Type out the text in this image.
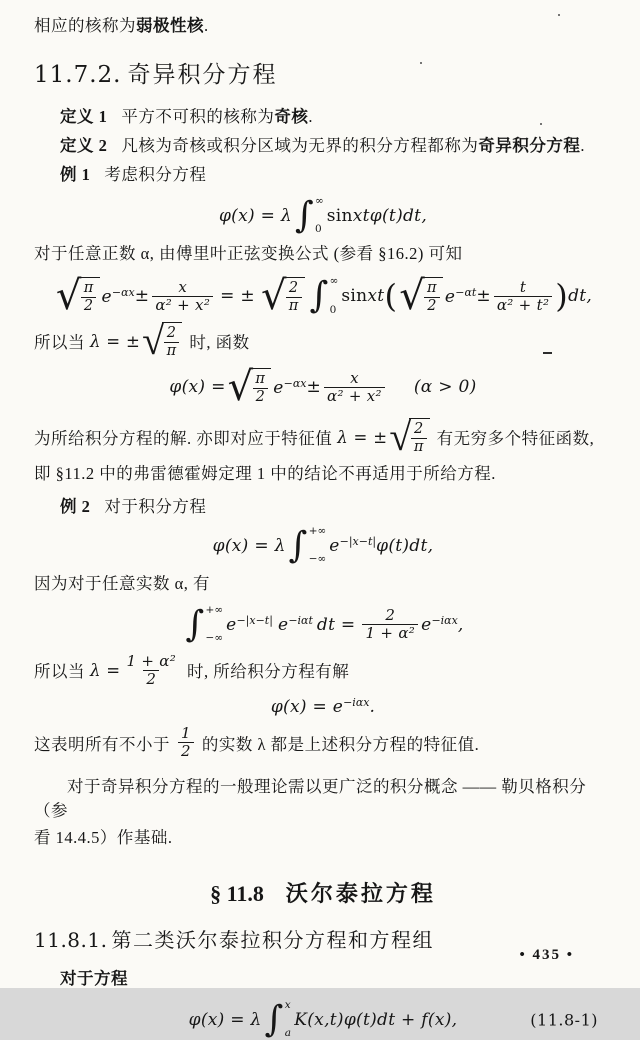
相应的核称为弱极性核.

11.7.2. 奇异积分方程

定义 1 平方不可积的核称为奇核.

定义 2 凡核为奇核或积分区域为无界的积分方程都称为奇异积分方程.

例 1 考虑积分方程

φ(x) = λ ∫ ∞
0
sin xtφ(t)dt,

对于任意正数 α, 由傅里叶正弦变换公式 (参看 §16.2) 可知

√ $\frac{\pi}{2} e^{-\alpha x} \pm \frac{x}{\text{α² + x²}}$ = ± √ $\frac{2}{\pi}$ ∫ ∞
0
sin xt ( √ $\frac{\pi}{2} e^{-\alpha t} \pm \frac{t}{\text{α² + t²}}$ ) dt,
所以当 λ = ± √ $\frac{2}{\pi}$ 时, 函数
φ(x) = √ $\frac{\pi}{2} e^{-\alpha x} \pm \frac{x}{\text{α² + x²}} (\alpha > 0)$
为所给积分方程的解. 亦即对应于特征值 λ = ± √ $\frac{2}{\pi}$ 有无穷多个特征函数,

即 §11.2 中的弗雷德霍姆定理 1 中的结论不再适用于所给方程.

例 2 对于积分方程

φ(x) = λ ∫ +∞
−∞
$e^{-|x-t|}$ φ(t)dt,

因为对于任意实数 α, 有

∫ +∞
−∞
$e^{-|x-t|}$ $e^{-i\alpha t}$ dt = $\frac{2}{\text{1 + α²}} e^{-i\alpha x}$ ,
所以当 $\lambda = \frac{\text{1 + α²}}{2}$ 时, 所给积分方程有解
$\varphi(x) = e^{-i\alpha x}$ .
这表明所有不小于 $\frac{1}{2}$ 的实数 λ 都是上述积分方程的特征值.

对于奇异积分方程的一般理论需以更广泛的积分概念 —— 勒贝格积分（参

看 14.4.5）作基础.

§ 11.8 沃尔泰拉方程
11.8.1. 第二类沃尔泰拉积分方程和方程组

对于方程

φ(x) = λ ∫ x
a
K(x,t)φ(t)dt + f(x),	(11.8-1)
• 435 •
